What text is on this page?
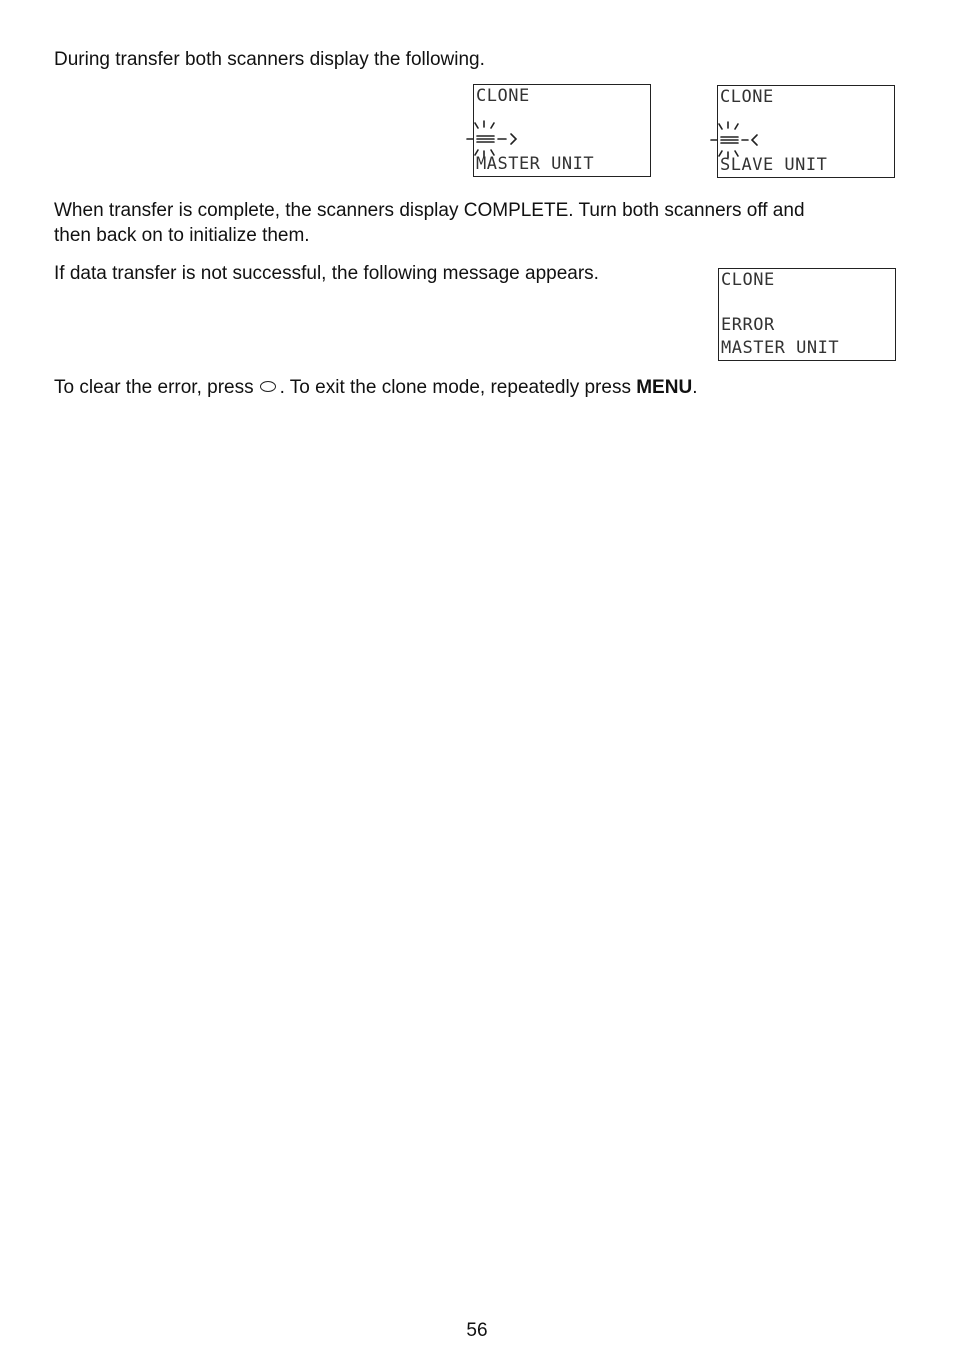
During transfer both scanners display the following.

CLONE
MASTER UNIT
CLONE
SLAVE UNIT

When transfer is complete, the scanners display COMPLETE. Turn both scanners off and
then back on to initialize them.

If data transfer is not successful, the following message appears.	CLONE
ERROR
MASTER UNIT

To clear the error, press . To exit the clone mode, repeatedly press MENU.

56
